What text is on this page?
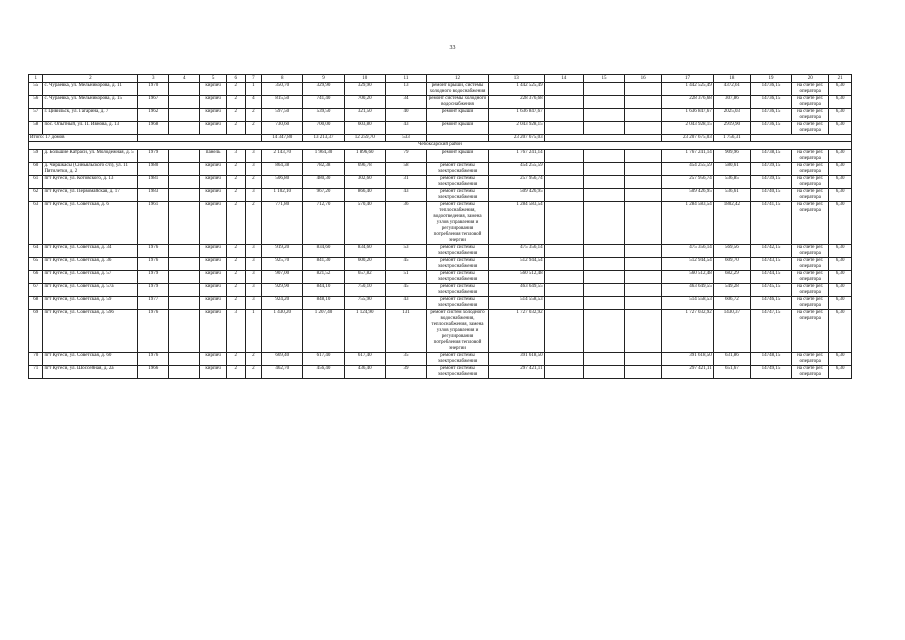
33
1	2	3	4	5	6	7	8	9	10	11	12	13	14	15	16	17	18	19	20	21
55	с. Чураевка, ул. Мельникорова, д. 11	1970		кирпич	2	1	350,70	329,90	329,90	13	ремонт крыши, системы холодного водоснабжения	1 442 525,49				1 442 525,49	4372,61	14736,15	на счете рег. оператора	6,30
56	с. Чураевка, ул. Мельникорова, д. 15	1967		кирпич	2	4	815,50	741,40	700,20	34	ремонт системы холодного водоснабжения	228 376,68				228 376,68	307,86	14736,15	на счете рег. оператора	6,30
57	г. Цивильск, ул. Гагарина, д. 7	1962		кирпич	2	2	597,50	539,50	321,50	40	ремонт крыши	1 636 847,67				1 636 847,67	2025,03	14736,15	на счете рег. оператора	6,30
58	пос. Опытный, ул. П. Ивнова, д. 13	1968		кирпич	2	2	730,60	700,00	603,80	43	ремонт крыши	2 043 928,15				2 043 928,15	2919,90	14736,15	на счете рег. оператора	6,30
Итого: 17 домов							14 347,80	13 213,37	12 259,70	533		23 207 675,03				23 207 675,03	1 756,31			
Чебоксарский район																				
59	д. Большие Катраси, ул. Молодежная, д. 5	1979		панель	3	3	2 143,70	1 964,30	1 896,60	79	ремонт крыши	1 767 241,14				1 767 241,14	909,96	14738,15	на счете рег. оператора	6,30
60	д. Чиршкасы (Синьяльского с/п), ул. 11 Пятилетки, д. 2	1980		кирпич	2	3	864,38	782,38	696,78	58	ремонт системы электроснабжения	454 255,59				454 255,59	580,61	14739,15	на счете рег. оператора	6,30
61	пгт Кугеси, ул. Котовского, д. 13	1981		кирпич	2	2	506,80	480,30	302,60	31	ремонт системы электроснабжения	257 956,74				257 956,74	536,85	14739,15	на счете рег. оператора	6,30
62	пгт Кугеси, ул. Первомайская, д. 17	1983		кирпич	2	3	1 102,10	967,20	866,40	43	ремонт системы электроснабжения	509 426,95				509 426,95	536,61	14740,15	на счете рег. оператора	6,30
63	пгт Кугеси, ул. Советская, д. 6	1961		кирпич	2	2	771,80	712,70	570,40	36	ремонт системы теплоснабжения, водоотведения, замена узлов управления и регулирования потребления тепловой энергии	1 284 583,54				1 284 583,54	1802,42	14741,15	на счете рег. оператора	6,30
64	пгт Кугеси, ул. Советская, д. 34	1976		кирпич	2	3	919,20	834,60	834,60	53	ремонт системы электроснабжения	475 356,14				475 356,14	569,56	14742,15	на счете рег. оператора	6,30
65	пгт Кугеси, ул. Советская, д. 36	1976		кирпич	2	3	925,70	841,30	600,20	45	ремонт системы электроснабжения	512 944,54				512 944,54	609,70	14743,15	на счете рег. оператора	6,30
66	пгт Кугеси, ул. Советская, д. 57	1979		кирпич	2	3	907,00	821,52	657,82	51	ремонт системы электроснабжения	560 512,48				560 512,48	682,29	14744,15	на счете рег. оператора	6,30
67	пгт Кугеси, ул. Советская, д. 57а	1979		кирпич	2	3	929,90	844,10	750,10	45	ремонт системы электроснабжения	463 649,55				463 649,55	549,28	14745,15	на счете рег. оператора	6,30
68	пгт Кугеси, ул. Советская, д. 59	1977		кирпич	2	3	924,20	848,10	755,90	43	ремонт системы электроснабжения	514 558,53				514 558,53	606,72	14746,15	на счете рег. оператора	6,30
69	пгт Кугеси, ул. Советская, д. 59б	1976		кирпич	3	1	1 430,20	1 207,40	1 124,90	131	ремонт систем холодного водоснабжения, теплоснабжения, замена узлов управления и регулирования потребления тепловой энергии	1 727 032,92				1 727 032,92	1430,37	14747,15	на счете рег. оператора	6,30
70	пгт Кугеси, ул. Советская, д. 60	1976		кирпич	2	2	669,40	617,40	617,40	35	ремонт системы электроснабжения	391 618,50				391 618,50	631,86	14748,15	на счете рег. оператора	6,30
71	пгт Кугеси, ул. Шоссейная, д. 2а	1966		кирпич	2	2	462,70	456,40	436,40	39	ремонт системы электроснабжения	297 421,11				297 421,11	651,67	14749,15	на счете рег. оператора	6,30
